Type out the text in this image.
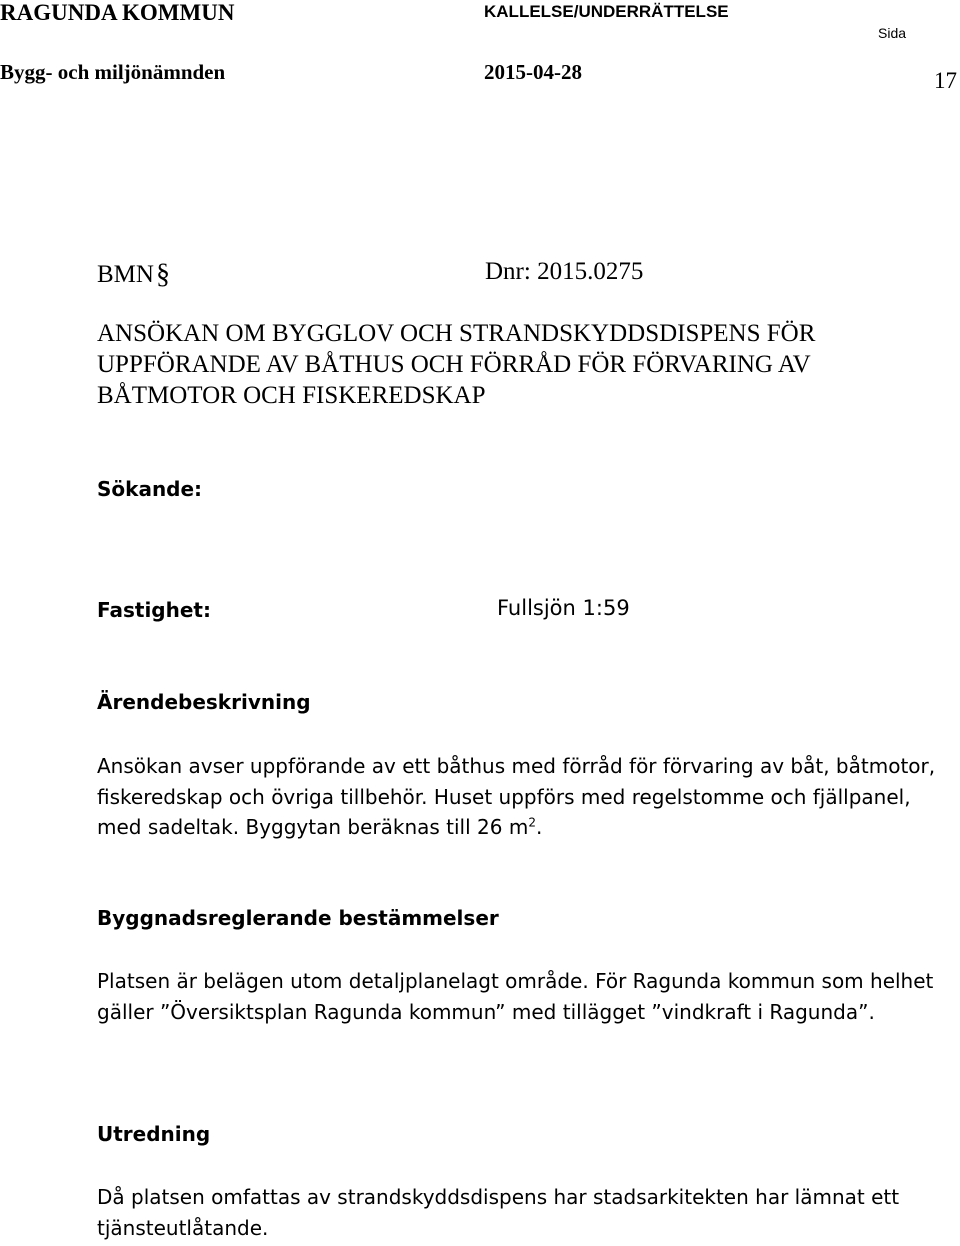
RAGUNDA KOMMUN	KALLELSE/UNDERRÄTTELSE
Sida
Bygg- och miljönämnden	2015-04-28	17
BMN§	Dnr: 2015.0275
ANSÖKAN OM BYGGLOV OCH STRANDSKYDDSDISPENS FÖR UPPFÖRANDE AV BÅTHUS OCH FÖRRÅD FÖR FÖRVARING AV BÅTMOTOR OCH FISKEREDSKAP
Sökande:
Fastighet:	Fullsjön 1:59
Ärendebeskrivning
Ansökan avser uppförande av ett båthus med förråd för förvaring av båt, båtmotor, fiskeredskap och övriga tillbehör. Huset uppförs med regelstomme och fjällpanel, med sadeltak. Byggytan beräknas till 26 $m^2$.
Byggnadsreglerande bestämmelser
Platsen är belägen utom detaljplanelagt område. För Ragunda kommun som helhet gäller ”Översiktsplan Ragunda kommun” med tillägget ”vindkraft i Ragunda”.
Utredning
Då platsen omfattas av strandskyddsdispens har stadsarkitekten har lämnat ett tjänsteutlåtande.
